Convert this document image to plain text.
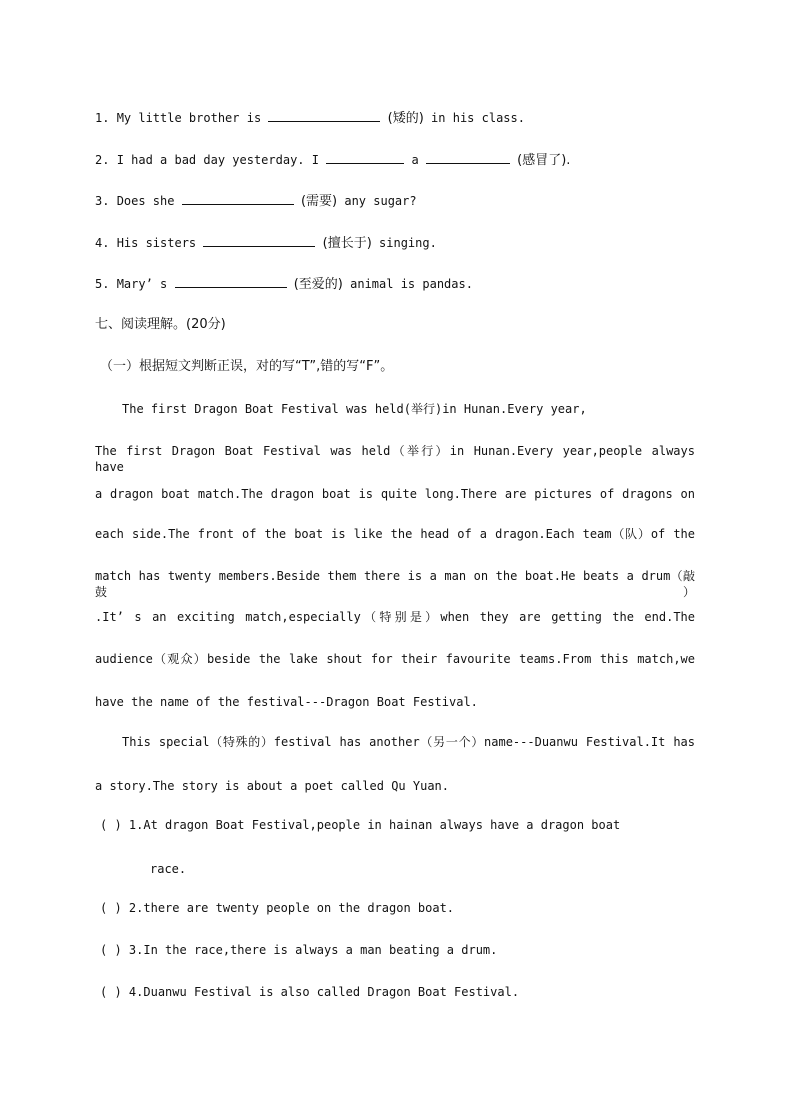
1. My little brother is	(矮的) in his class.
2. I had a bad day yesterday. I	a	(感冒了).
3. Does she	(需要) any sugar?
4. His sisters	(擅长于) singing.
5. Mary’ s	(至爱的) animal is pandas.
七、阅读理解。(20分)
（一）根据短文判断正误，对的写“T”,错的写“F”。
The first Dragon Boat Festival was held(举行)in Hunan.Every year,
The first Dragon Boat Festival was held（举行）in Hunan.Every year,people always have
a dragon boat match.The dragon boat is quite long.There are pictures of dragons on
each side.The front of the boat is like the head of a dragon.Each team（队）of the
match has twenty members.Beside them there is a man on the boat.He beats a drum（敲鼓）
.It’ s an exciting match,especially（特别是）when they are getting the end.The
audience（观众）beside the lake shout for their favourite teams.From this match,we
have the name of the festival---Dragon Boat Festival.
This special（特殊的）festival has another（另一个）name---Duanwu Festival.It has
a story.The story is about a poet called Qu Yuan.
( ) 1.At dragon Boat Festival,people in hainan always have a dragon boat
race.
( ) 2.there are twenty people on the dragon boat.
( ) 3.In the race,there is always a man beating a drum.
( ) 4.Duanwu Festival is also called Dragon Boat Festival.
